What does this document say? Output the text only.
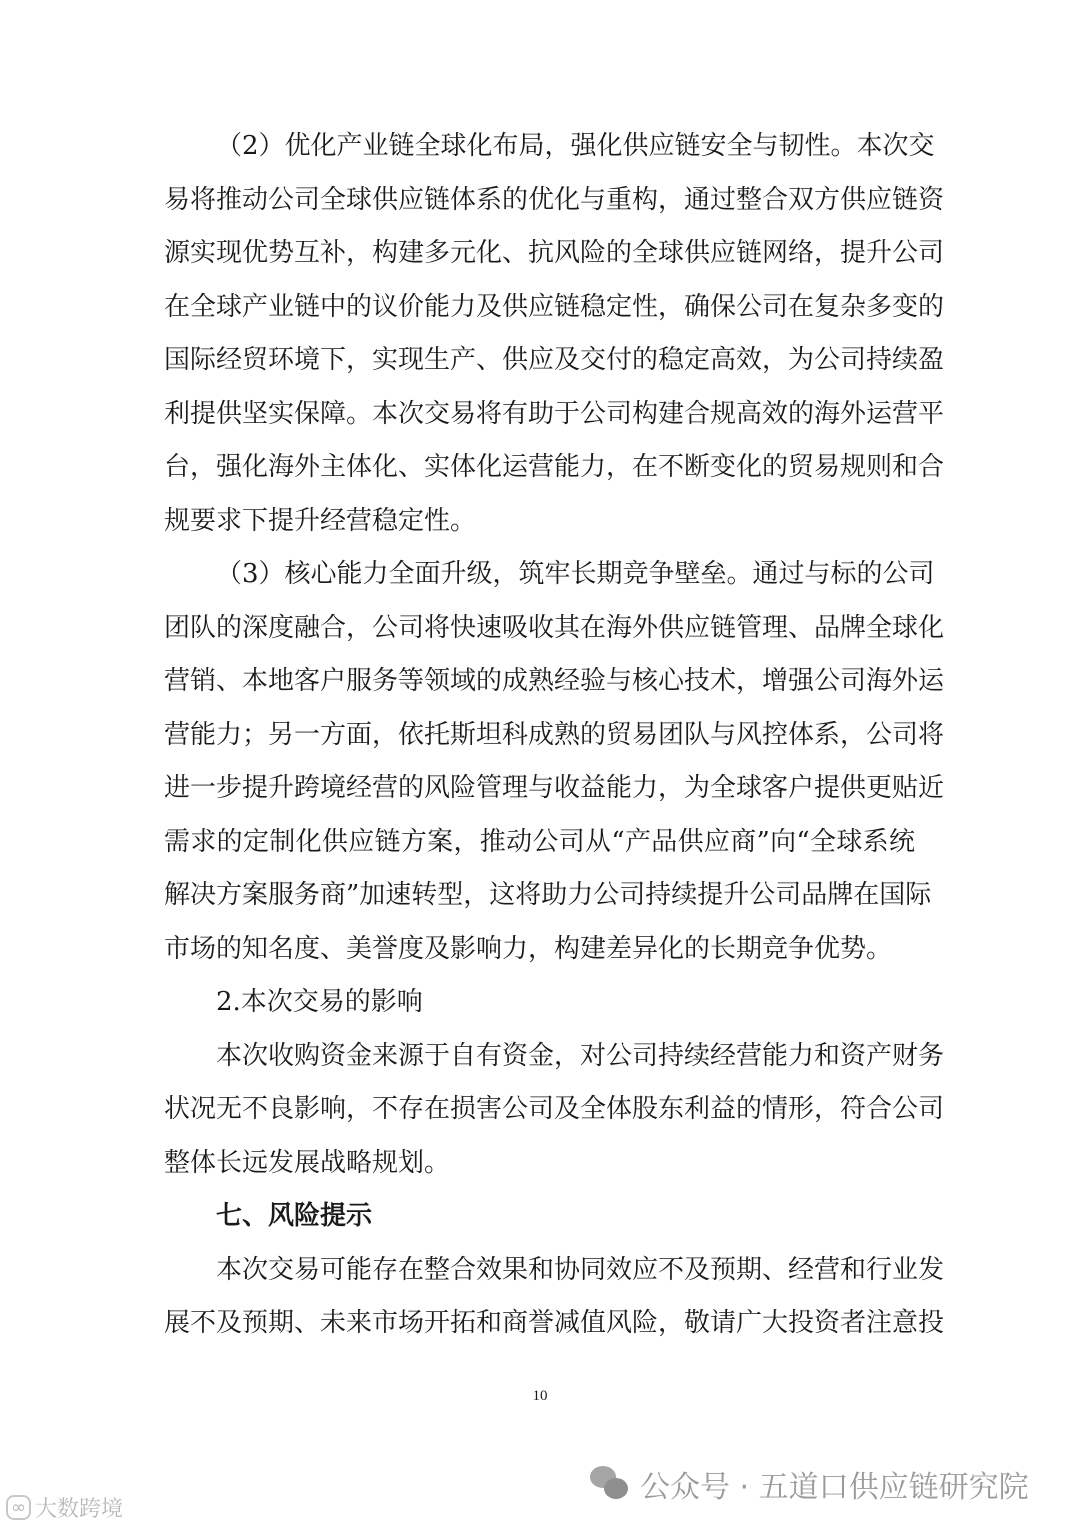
（2）优化产业链全球化布局，强化供应链安全与韧性。本次交
易将推动公司全球供应链体系的优化与重构，通过整合双方供应链资
源实现优势互补，构建多元化、抗风险的全球供应链网络，提升公司
在全球产业链中的议价能力及供应链稳定性，确保公司在复杂多变的
国际经贸环境下，实现生产、供应及交付的稳定高效，为公司持续盈
利提供坚实保障。本次交易将有助于公司构建合规高效的海外运营平
台，强化海外主体化、实体化运营能力，在不断变化的贸易规则和合
规要求下提升经营稳定性。
（3）核心能力全面升级，筑牢长期竞争壁垒。通过与标的公司
团队的深度融合，公司将快速吸收其在海外供应链管理、品牌全球化
营销、本地客户服务等领域的成熟经验与核心技术，增强公司海外运
营能力；另一方面，依托斯坦科成熟的贸易团队与风控体系，公司将
进一步提升跨境经营的风险管理与收益能力，为全球客户提供更贴近
需求的定制化供应链方案，推动公司从“产品供应商”向“全球系统
解决方案服务商”加速转型，这将助力公司持续提升公司品牌在国际
市场的知名度、美誉度及影响力，构建差异化的长期竞争优势。
2.本次交易的影响
本次收购资金来源于自有资金，对公司持续经营能力和资产财务
状况无不良影响，不存在损害公司及全体股东利益的情形，符合公司
整体长远发展战略规划。
七、风险提示
本次交易可能存在整合效果和协同效应不及预期、经营和行业发
展不及预期、未来市场开拓和商誉减值风险，敬请广大投资者注意投
10
公众号 · 五道口供应链研究院
∞ 大数跨境
